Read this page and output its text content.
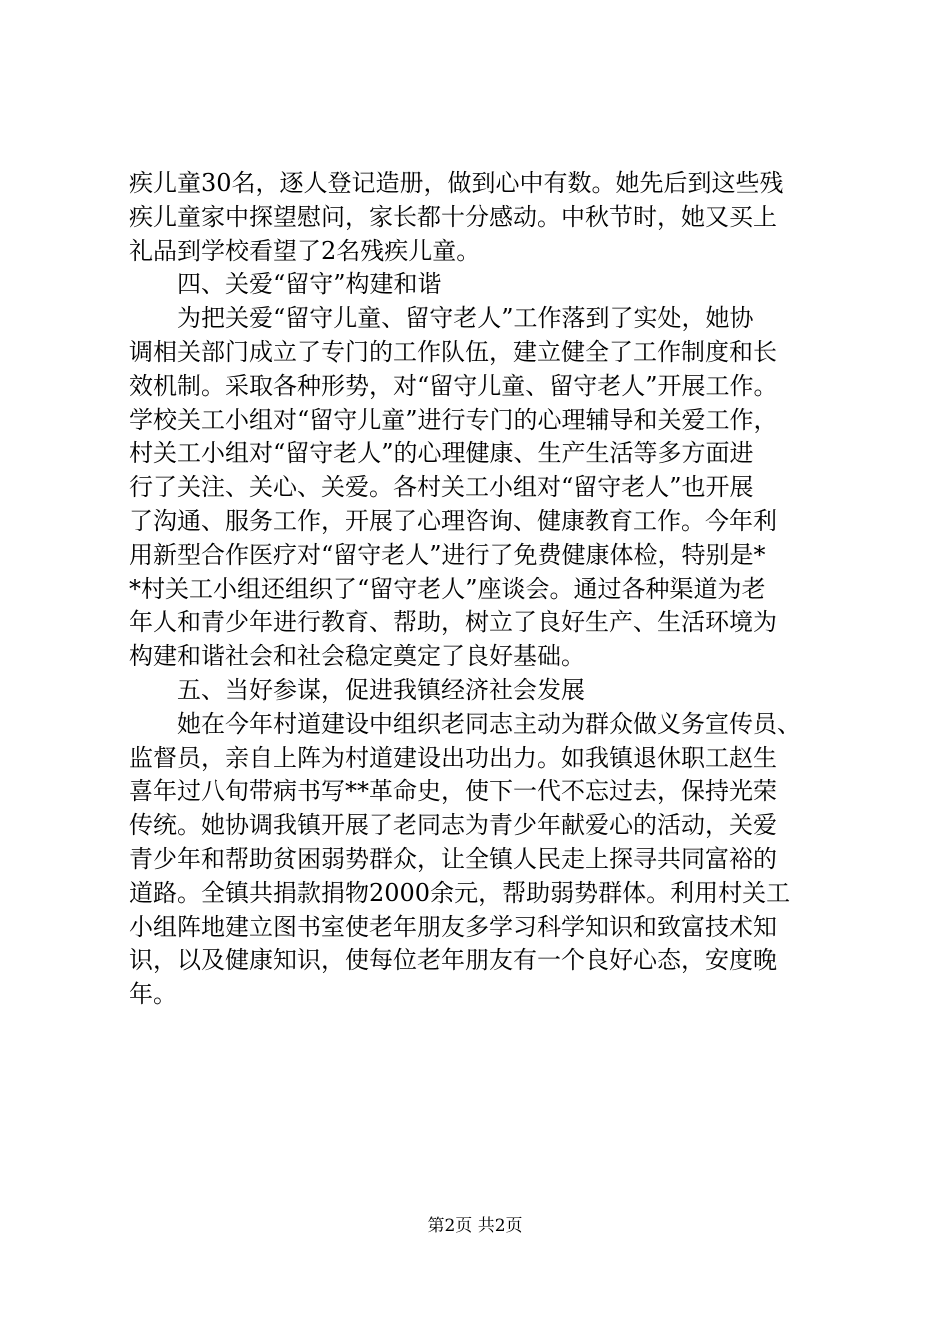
疾儿童30名，逐人登记造册，做到心中有数。她先后到这些残
疾儿童家中探望慰问，家长都十分感动。中秋节时，她又买上
礼品到学校看望了2名残疾儿童。
　　四、关爱“留守”构建和谐
　　为把关爱“留守儿童、留守老人”工作落到了实处，她协
调相关部门成立了专门的工作队伍，建立健全了工作制度和长
效机制。采取各种形势，对“留守儿童、留守老人”开展工作。
学校关工小组对“留守儿童”进行专门的心理辅导和关爱工作，
村关工小组对“留守老人”的心理健康、生产生活等多方面进
行了关注、关心、关爱。各村关工小组对“留守老人”也开展
了沟通、服务工作，开展了心理咨询、健康教育工作。今年利
用新型合作医疗对“留守老人”进行了免费健康体检，特别是*
*村关工小组还组织了“留守老人”座谈会。通过各种渠道为老
年人和青少年进行教育、帮助，树立了良好生产、生活环境为
构建和谐社会和社会稳定奠定了良好基础。
　　五、当好参谋，促进我镇经济社会发展
　　她在今年村道建设中组织老同志主动为群众做义务宣传员、
监督员，亲自上阵为村道建设出功出力。如我镇退休职工赵生
喜年过八旬带病书写**革命史，使下一代不忘过去，保持光荣
传统。她协调我镇开展了老同志为青少年献爱心的活动，关爱
青少年和帮助贫困弱势群众，让全镇人民走上探寻共同富裕的
道路。全镇共捐款捐物2000余元，帮助弱势群体。利用村关工
小组阵地建立图书室使老年朋友多学习科学知识和致富技术知
识，以及健康知识，使每位老年朋友有一个良好心态，安度晚
年。
第2页 共2页
